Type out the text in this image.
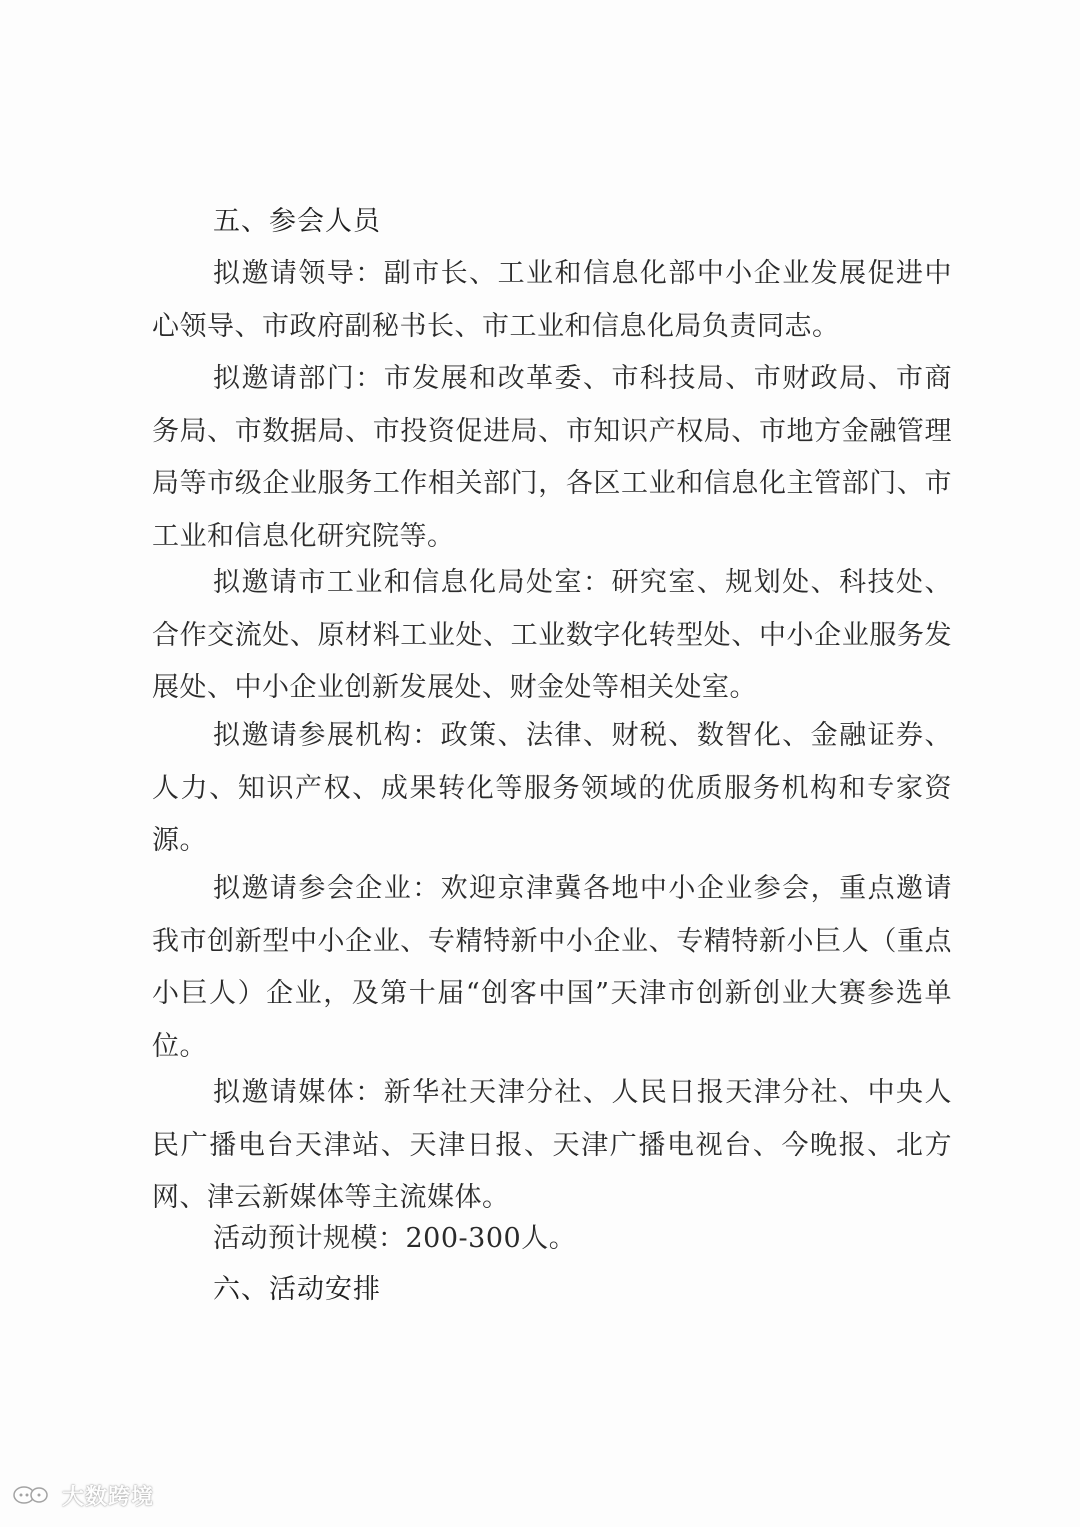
五、参会人员

拟邀请领导：副市长、工业和信息化部中小企业发展促进中心领导、市政府副秘书长、市工业和信息化局负责同志。

拟邀请部门：市发展和改革委、市科技局、市财政局、市商务局、市数据局、市投资促进局、市知识产权局、市地方金融管理局等市级企业服务工作相关部门，各区工业和信息化主管部门、市工业和信息化研究院等。

拟邀请市工业和信息化局处室：研究室、规划处、科技处、合作交流处、原材料工业处、工业数字化转型处、中小企业服务发展处、中小企业创新发展处、财金处等相关处室。

拟邀请参展机构：政策、法律、财税、数智化、金融证券、人力、知识产权、成果转化等服务领域的优质服务机构和专家资源。

拟邀请参会企业：欢迎京津冀各地中小企业参会，重点邀请我市创新型中小企业、专精特新中小企业、专精特新小巨人（重点小巨人）企业，及第十届“创客中国”天津市创新创业大赛参选单位。

拟邀请媒体：新华社天津分社、人民日报天津分社、中央人民广播电台天津站、天津日报、天津广播电视台、今晚报、北方网、津云新媒体等主流媒体。

活动预计规模：200-300人。

六、活动安排
大数跨境
